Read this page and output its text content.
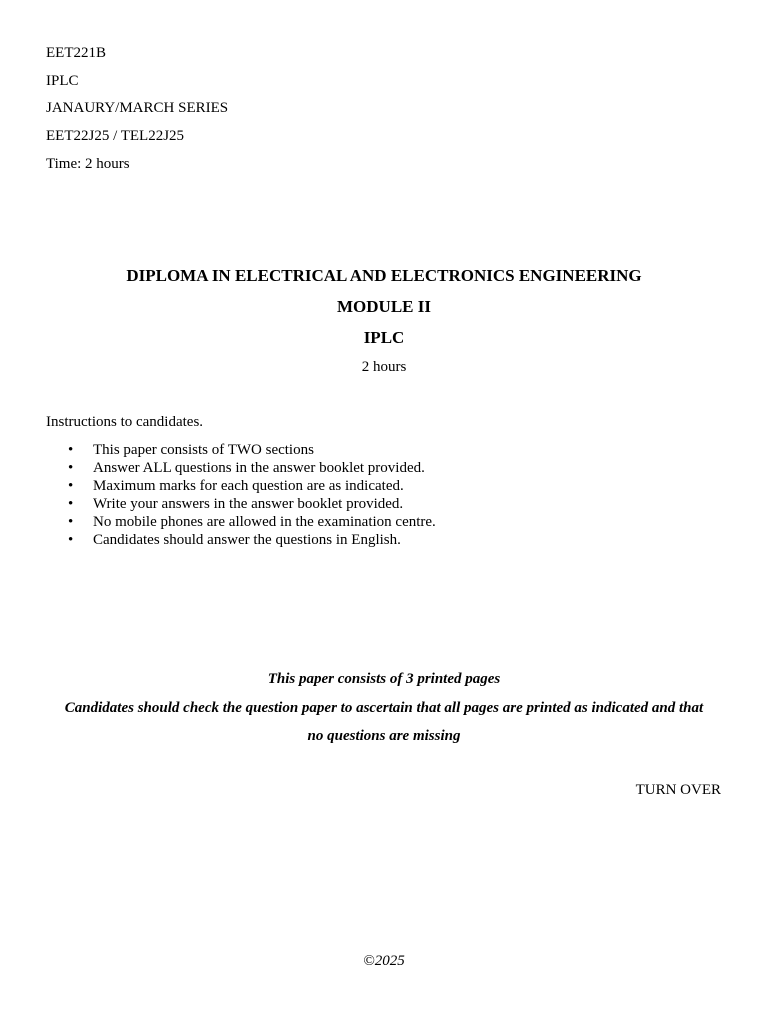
EET221B
IPLC
JANAURY/MARCH SERIES
EET22J25 / TEL22J25
Time: 2 hours
DIPLOMA IN ELECTRICAL AND ELECTRONICS ENGINEERING
MODULE II
IPLC
2 hours
Instructions to candidates.
• This paper consists of TWO sections
• Answer ALL questions in the answer booklet provided.
• Maximum marks for each question are as indicated.
• Write your answers in the answer booklet provided.
• No mobile phones are allowed in the examination centre.
• Candidates should answer the questions in English.
This paper consists of 3 printed pages
Candidates should check the question paper to ascertain that all pages are printed as indicated and that
no questions are missing
TURN OVER
©2025
